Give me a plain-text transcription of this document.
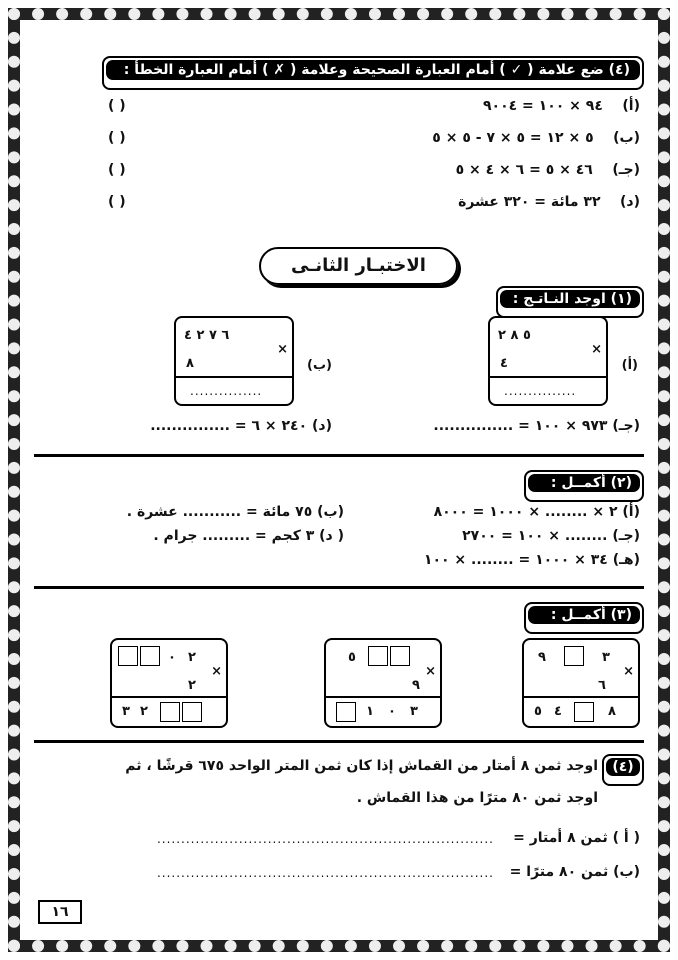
(٤) ضع علامة ( ✓ ) أمام العبارة الصحيحة وعلامة ( ✗ ) أمام العبارة الخطأ :
(أ)    ٩٤ × ١٠٠ = ٩٠٠٤
( )
(ب)    ٥ × ١٢ = ٥ × ٧ - ٥ × ٥
( )
(جـ)    ٤٦ × ٥ = ٦ × ٤ × ٥
( )
(د)    ٣٢ مائة = ٣٢٠ عشرة
( )
الاختبـار الثانـى
(١) اوجد النـاتـج :
(أ)
٥ ٨ ٢
×
٤
...............
(ب)
٦ ٧ ٢ ٤
×
٨
...............
(جـ) ٩٧٣ × ١٠٠ = ...............
(د) ٢٤٠ × ٦ = ...............
(٢) أكمــل :
(أ) ٢ × ........ × ١٠٠٠ = ٨٠٠٠
(ب) ٧٥ مائة = ........... عشرة .
(جـ) ........ × ١٠٠ = ٢٧٠٠
( د) ٣ كجم = ......... جرام .
(هـ) ٣٤ × ١٠٠٠ = ........ × ١٠٠
(٣) أكمــل :
٩	٣
×
٦
٥ ٤	٨
٥
×
٩
١ ٠ ٣
٠ ٢
×
٢
٣ ٢
(٤)
اوجد ثمن ٨ أمتار من القماش إذا كان ثمن المتر الواحد ٦٧٥ قرشًا ، ثم
اوجد ثمن ٨٠ مترًا من هذا القماش .
( أ ) ثمن ٨ أمتار =
......................................................................
(ب) ثمن ٨٠ مترًا =
......................................................................
١٦
